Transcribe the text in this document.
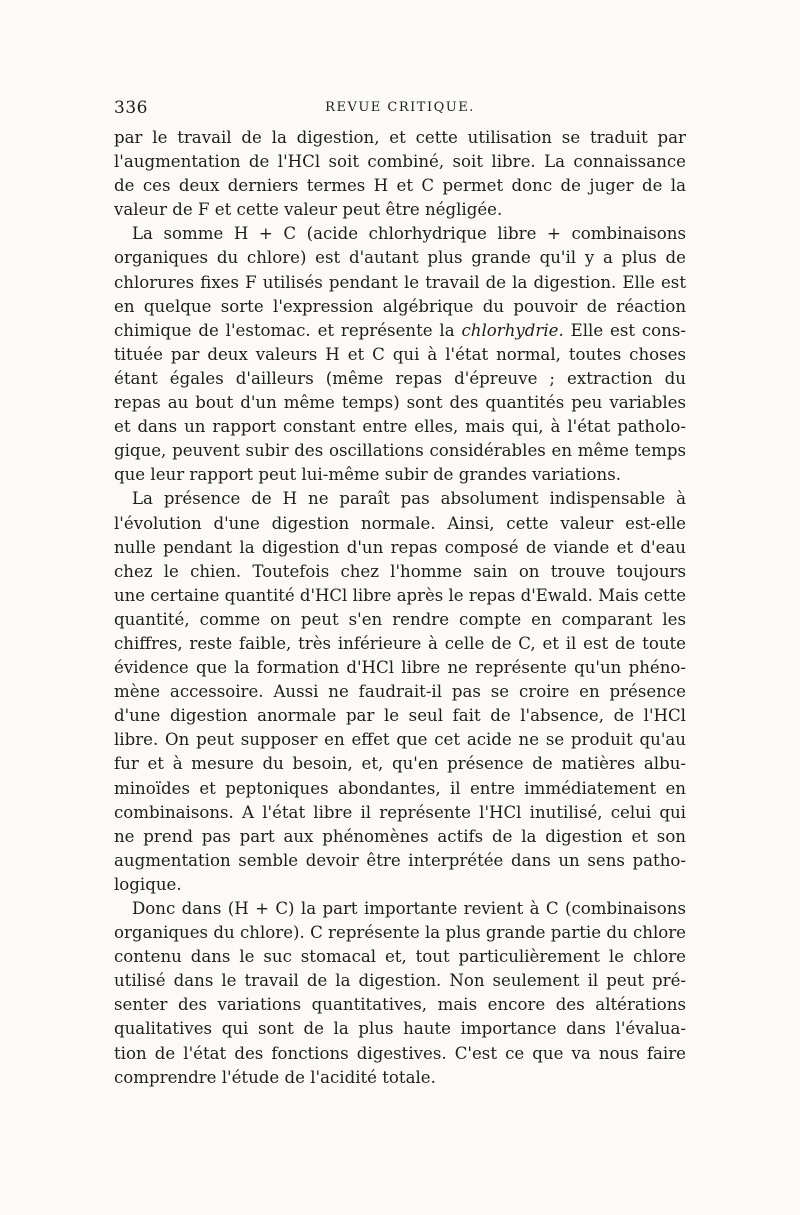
336	REVUE CRITIQUE.
par le travail de la digestion, et cette utilisation se traduit par
l'augmentation de l'HCl soit combiné, soit libre. La connaissance
de ces deux derniers termes H et C permet donc de juger de la
valeur de F et cette valeur peut être négligée.
La somme H + C (acide chlorhydrique libre + combinaisons
organiques du chlore) est d'autant plus grande qu'il y a plus de
chlorures fixes F utilisés pendant le travail de la digestion. Elle est
en quelque sorte l'expression algébrique du pouvoir de réaction
chimique de l'estomac. et représente la chlorhydrie. Elle est cons-
tituée par deux valeurs H et C qui à l'état normal, toutes choses
étant égales d'ailleurs (même repas d'épreuve ; extraction du
repas au bout d'un même temps) sont des quantités peu variables
et dans un rapport constant entre elles, mais qui, à l'état patholo-
gique, peuvent subir des oscillations considérables en même temps
que leur rapport peut lui-même subir de grandes variations.
La présence de H ne paraît pas absolument indispensable à
l'évolution d'une digestion normale. Ainsi, cette valeur est-elle
nulle pendant la digestion d'un repas composé de viande et d'eau
chez le chien. Toutefois chez l'homme sain on trouve toujours
une certaine quantité d'HCl libre après le repas d'Ewald. Mais cette
quantité, comme on peut s'en rendre compte en comparant les
chiffres, reste faible, très inférieure à celle de C, et il est de toute
évidence que la formation d'HCl libre ne représente qu'un phéno-
mène accessoire. Aussi ne faudrait-il pas se croire en présence
d'une digestion anormale par le seul fait de l'absence, de l'HCl
libre. On peut supposer en effet que cet acide ne se produit qu'au
fur et à mesure du besoin, et, qu'en présence de matières albu-
minoïdes et peptoniques abondantes, il entre immédiatement en
combinaisons. A l'état libre il représente l'HCl inutilisé, celui qui
ne prend pas part aux phénomènes actifs de la digestion et son
augmentation semble devoir être interprétée dans un sens patho-
logique.
Donc dans (H + C) la part importante revient à C (combinaisons
organiques du chlore). C représente la plus grande partie du chlore
contenu dans le suc stomacal et, tout particulièrement le chlore
utilisé dans le travail de la digestion. Non seulement il peut pré-
senter des variations quantitatives, mais encore des altérations
qualitatives qui sont de la plus haute importance dans l'évalua-
tion de l'état des fonctions digestives. C'est ce que va nous faire
comprendre l'étude de l'acidité totale.
